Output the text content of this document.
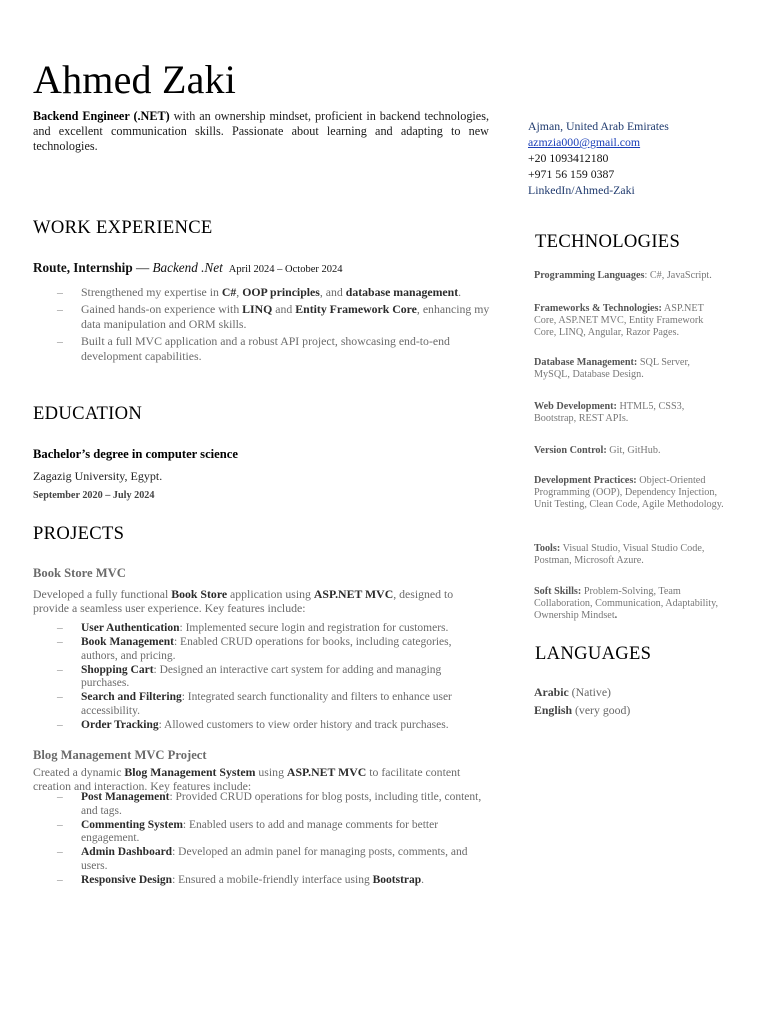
Ahmed Zaki

Backend Engineer (.NET) with an ownership mindset, proficient in backend technologies, and excellent communication skills. Passionate about learning and adapting to new technologies.

Ajman, United Arab Emirates
azmzia000@gmail.com
+20 1093412180
+971 56 159 0387
LinkedIn/Ahmed-Zaki
WORK EXPERIENCE
Route, Internship — Backend .Net April 2024 – October 2024
– Strengthened my expertise in C#, OOP principles, and database management.
– Gained hands-on experience with LINQ and Entity Framework Core, enhancing my data manipulation and ORM skills.
– Built a full MVC application and a robust API project, showcasing end-to-end development capabilities.
EDUCATION
Bachelor’s degree in computer science
Zagazig University, Egypt.
September 2020 – July 2024
PROJECTS
Book Store MVC

Developed a fully functional Book Store application using ASP.NET MVC, designed to provide a seamless user experience. Key features include:

– User Authentication: Implemented secure login and registration for customers.
– Book Management: Enabled CRUD operations for books, including categories, authors, and pricing.
– Shopping Cart: Designed an interactive cart system for adding and managing purchases.
– Search and Filtering: Integrated search functionality and filters to enhance user accessibility.
– Order Tracking: Allowed customers to view order history and track purchases.
Blog Management MVC Project

Created a dynamic Blog Management System using ASP.NET MVC to facilitate content creation and interaction. Key features include:

– Post Management: Provided CRUD operations for blog posts, including title, content, and tags.
– Commenting System: Enabled users to add and manage comments for better engagement.
– Admin Dashboard: Developed an admin panel for managing posts, comments, and users.
– Responsive Design: Ensured a mobile-friendly interface using Bootstrap.
TECHNOLOGIES

Programming Languages: C#, JavaScript.

Frameworks & Technologies: ASP.NET Core, ASP.NET MVC, Entity Framework Core, LINQ, Angular, Razor Pages.

Database Management: SQL Server, MySQL, Database Design.

Web Development: HTML5, CSS3, Bootstrap, REST APIs.

Version Control: Git, GitHub.

Development Practices: Object-Oriented Programming (OOP), Dependency Injection, Unit Testing, Clean Code, Agile Methodology.

Tools: Visual Studio, Visual Studio Code, Postman, Microsoft Azure.

Soft Skills: Problem-Solving, Team Collaboration, Communication, Adaptability, Ownership Mindset.

LANGUAGES
Arabic (Native)
English (very good)
